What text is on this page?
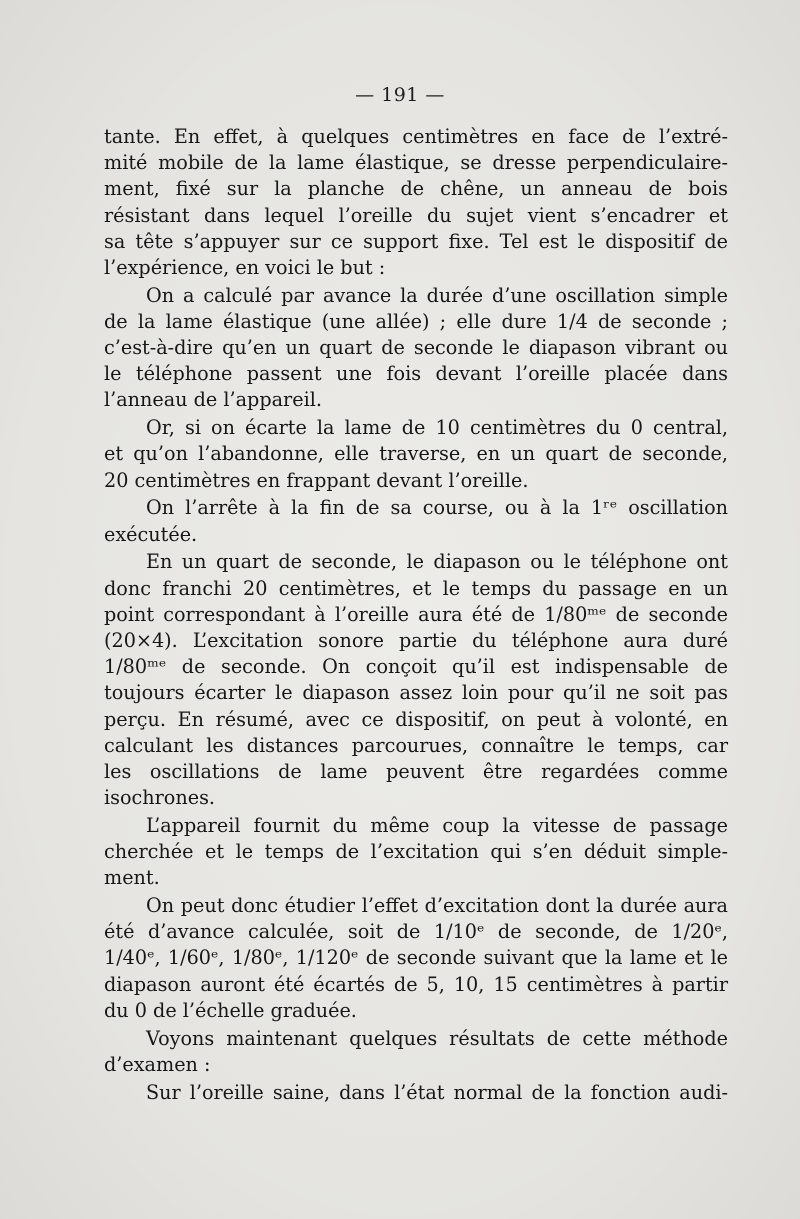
— 191 —
tante. En effet, à quelques centimètres en face de l’extré-
mité mobile de la lame élastique, se dresse perpendiculaire-
ment, fixé sur la planche de chêne, un anneau de bois
résistant dans lequel l’oreille du sujet vient s’encadrer et
sa tête s’appuyer sur ce support fixe. Tel est le dispositif de
l’expérience, en voici le but :
On a calculé par avance la durée d’une oscillation simple
de la lame élastique (une allée) ; elle dure 1/4 de seconde ;
c’est-à-dire qu’en un quart de seconde le diapason vibrant ou
le téléphone passent une fois devant l’oreille placée dans
l’anneau de l’appareil.
Or, si on écarte la lame de 10 centimètres du 0 central,
et qu’on l’abandonne, elle traverse, en un quart de seconde,
20 centimètres en frappant devant l’oreille.
On l’arrête à la fin de sa course, ou à la 1ʳᵉ oscillation
exécutée.
En un quart de seconde, le diapason ou le téléphone ont
donc franchi 20 centimètres, et le temps du passage en un
point correspondant à l’oreille aura été de 1/80ᵐᵉ de seconde
(20×4). L’excitation sonore partie du téléphone aura duré
1/80ᵐᵉ de seconde. On conçoit qu’il est indispensable de
toujours écarter le diapason assez loin pour qu’il ne soit pas
perçu. En résumé, avec ce dispositif, on peut à volonté, en
calculant les distances parcourues, connaître le temps, car
les oscillations de lame peuvent être regardées comme
isochrones.
L’appareil fournit du même coup la vitesse de passage
cherchée et le temps de l’excitation qui s’en déduit simple-
ment.
On peut donc étudier l’effet d’excitation dont la durée aura
été d’avance calculée, soit de 1/10ᵉ de seconde, de 1/20ᵉ,
1/40ᵉ, 1/60ᵉ, 1/80ᵉ, 1/120ᵉ de seconde suivant que la lame et le
diapason auront été écartés de 5, 10, 15 centimètres à partir
du 0 de l’échelle graduée.
Voyons maintenant quelques résultats de cette méthode
d’examen :
Sur l’oreille saine, dans l’état normal de la fonction audi-
